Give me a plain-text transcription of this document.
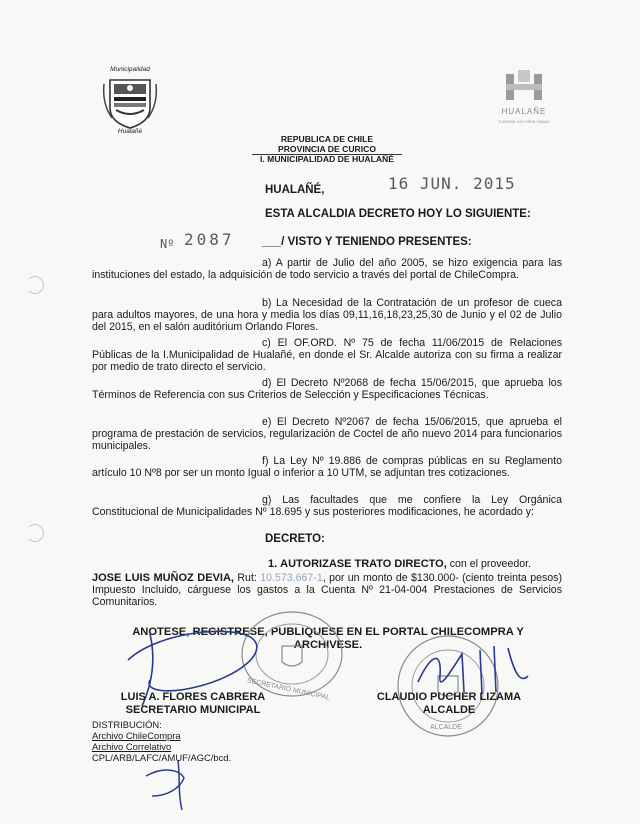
Municipalidad
Hualañé
HUALAÑE
Comuna con Alma Huaso
REPUBLICA DE CHILE
PROVINCIA DE CURICO
I. MUNICIPALIDAD DE HUALAÑÉ
HUALAÑÉ,	16 JUN. 2015
ESTA ALCALDIA DECRETO HOY LO SIGUIENTE:
Nº 2087 ___/ VISTO Y TENIENDO PRESENTES:
a) A partir de Julio del año 2005, se hizo exigencia para las instituciones del estado, la adquisición de todo servicio a través del portal de ChileCompra.
b) La Necesidad de la Contratación de un profesor de cueca para adultos mayores, de una hora y media los días 09,11,16,18,23,25,30 de Junio y el 02 de Julio del 2015, en el salón auditórium Orlando Flores.
c) El OF.ORD. Nº 75 de fecha 11/06/2015 de Relaciones Públicas de la I.Municipalidad de Hualañé, en donde el Sr. Alcalde autoriza con su firma a realizar por medio de trato directo el servicio.
d) El Decreto Nº2068 de fecha 15/06/2015, que aprueba los Términos de Referencia con sus Criterios de Selección y Especificaciones Técnicas.
e) El Decreto Nº2067 de fecha 15/06/2015, que aprueba el programa de prestación de servicios, regularización de Coctel de año nuevo 2014 para funcionarios municipales.
f) La Ley Nº 19.886 de compras públicas en su Reglamento artículo 10 Nº8 por ser un monto Igual o inferior a 10 UTM, se adjuntan tres cotizaciones.
g) Las facultades que me confiere la Ley Orgánica Constitucional de Municipalidades Nº 18.695 y sus posteriores modificaciones, he acordado y:
DECRETO:
1. AUTORIZASE TRATO DIRECTO, con el proveedor.
JOSE LUIS MUÑOZ DEVIA, Rut: 10.573.667-1, por un monto de $130.000- (ciento treinta pesos) Impuesto Incluido, cárguese los gastos a la Cuenta Nº 21-04-004 Prestaciones de Servicios Comunitarios.
ANOTESE, REGISTRESE, PUBLIQUESE EN EL PORTAL CHILECOMPRA Y
ARCHIVESE.
SECRETARIO MUNICIPAL
ALCALDE
LUIS A. FLORES CABRERA
SECRETARIO MUNICIPAL
CLAUDIO PUCHER LIZAMA
ALCALDE
DISTRIBUCIÓN:
Archivo ChileCompra
Archivo Correlativo
CPL/ARB/LAFC/AMUF/AGC/bcd.
